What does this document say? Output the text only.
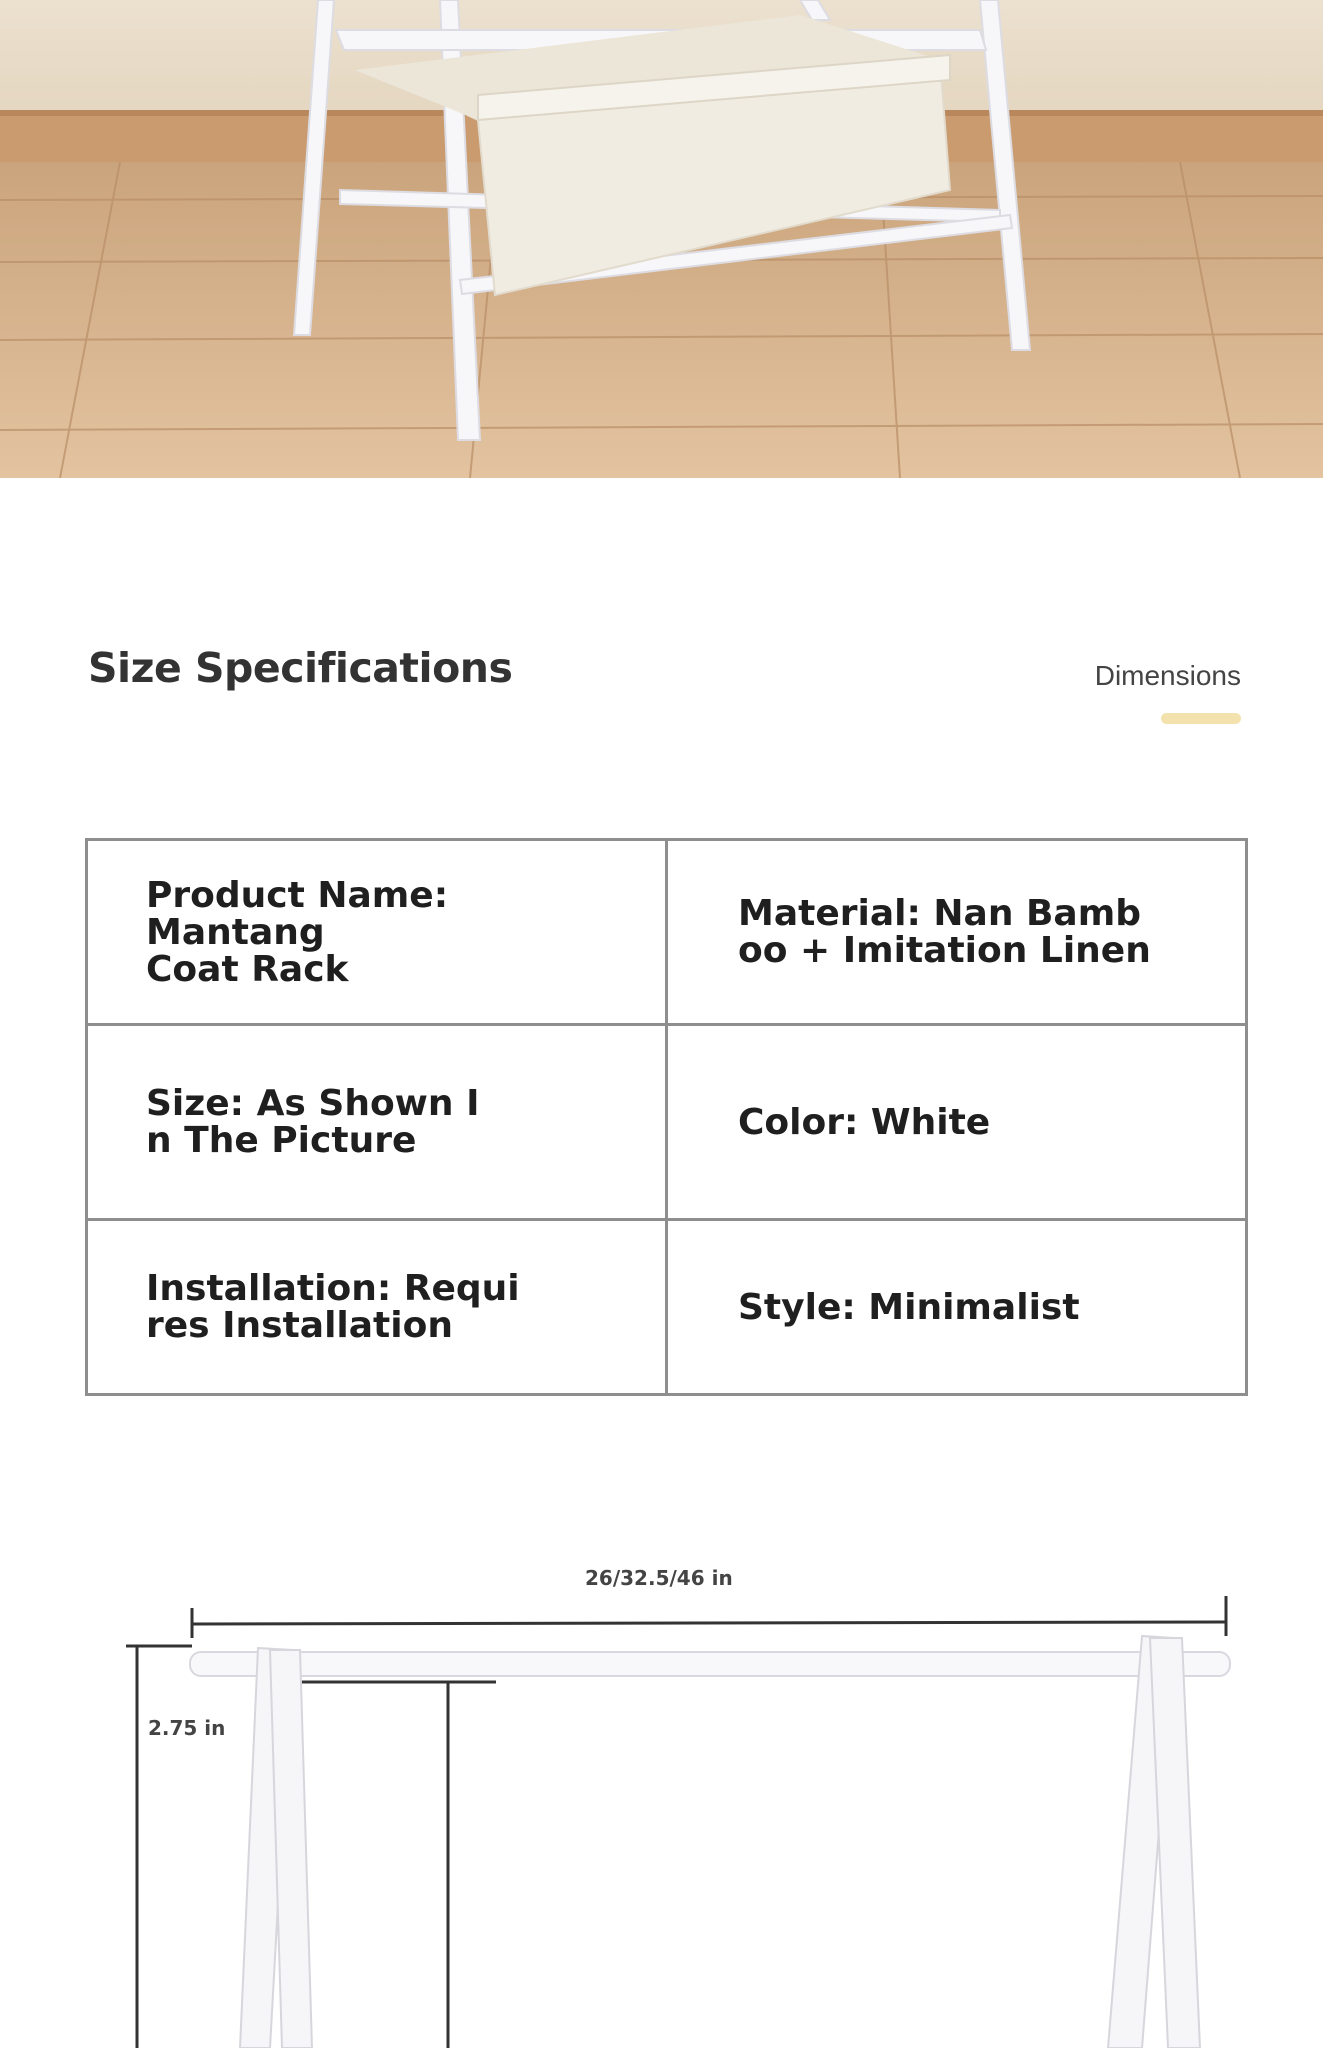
Size Specifications	Dimensions
Product Name: Mantang
Coat Rack	Material: Nan Bamb
oo + Imitation Linen
Size: As Shown I
n The Picture	Color: White
Installation: Requi
res Installation	Style: Minimalist
26/32.5/46 in
2.75 in
